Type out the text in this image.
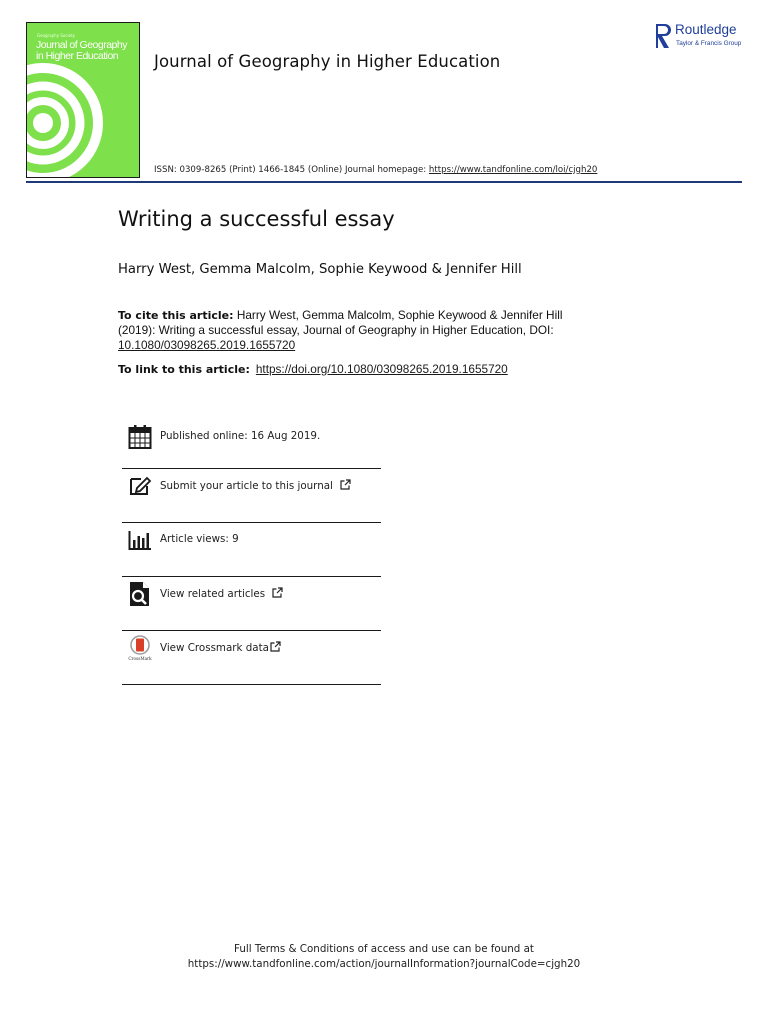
Geography Society
Journal of Geography in Higher Education	Journal of Geography in Higher Education
ISSN: 0309-8265 (Print) 1466-1845 (Online) Journal homepage: https://www.tandfonline.com/loi/cjgh20
Routledge
Taylor & Francis Group
Writing a successful essay
Harry West, Gemma Malcolm, Sophie Keywood & Jennifer Hill
To cite this article: Harry West, Gemma Malcolm, Sophie Keywood & Jennifer Hill (2019): Writing a successful essay, Journal of Geography in Higher Education, DOI: 10.1080/03098265.2019.1655720
To link to this article: https://doi.org/10.1080/03098265.2019.1655720
Published online: 16 Aug 2019.
Submit your article to this journal
Article views: 9
View related articles
CrossMark
View Crossmark data
Full Terms & Conditions of access and use can be found at
https://www.tandfonline.com/action/journalInformation?journalCode=cjgh20
